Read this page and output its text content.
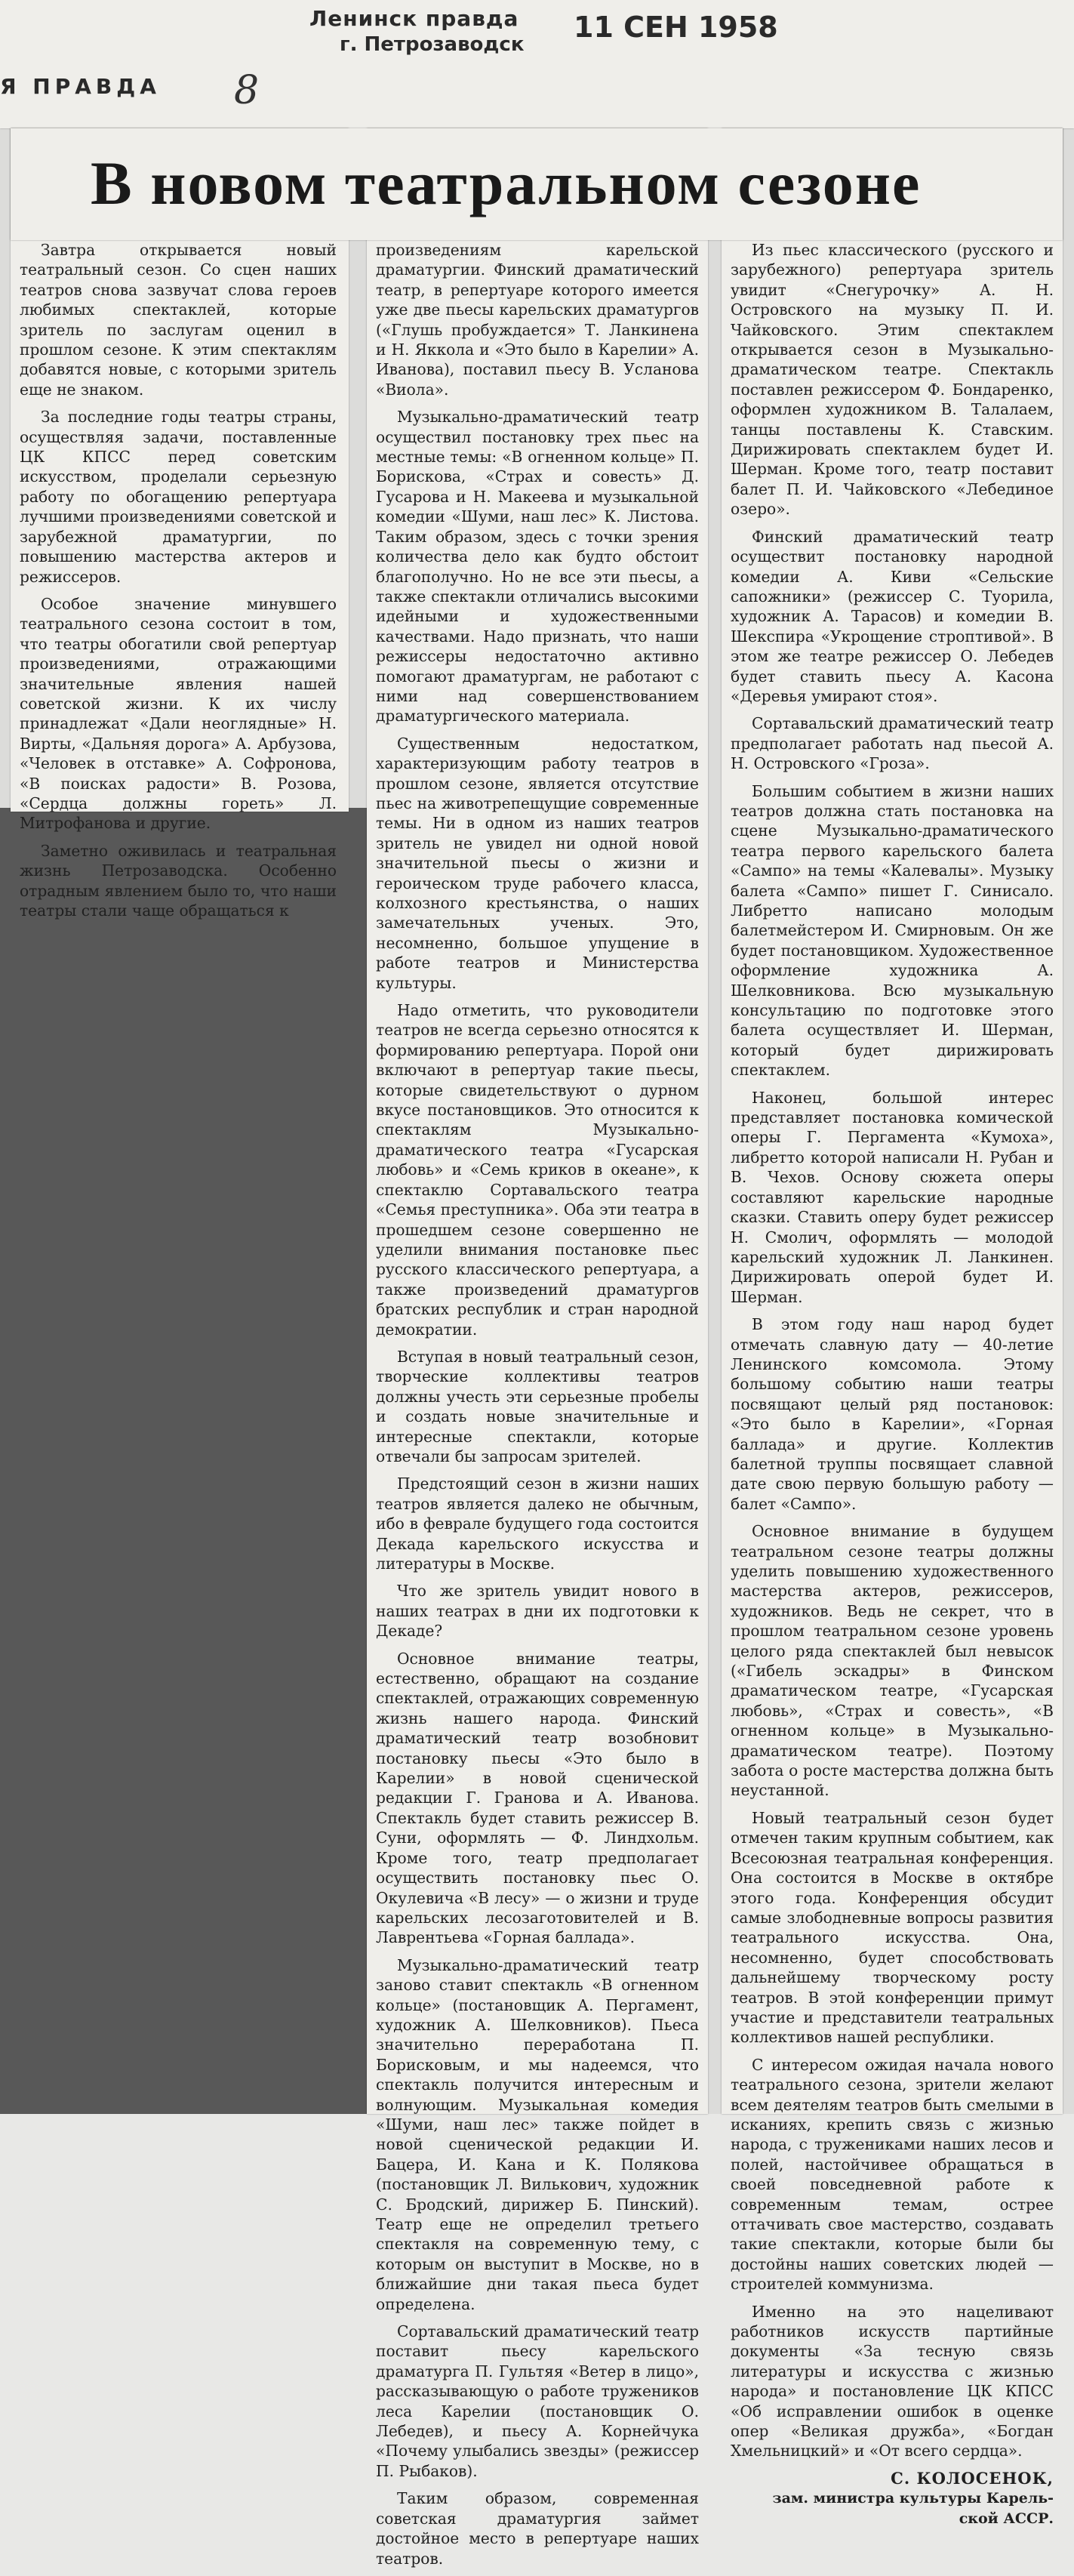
Ленинск правда
г. Петрозаводск
11 СЕН 1958
Я ПРАВДА 8
В новом театральном сезоне

Завтра открывается новый театральный сезон. Со сцен наших театров снова зазвучат слова героев любимых спектаклей, которые зритель по заслугам оценил в прошлом сезоне. К этим спектаклям добавятся новые, с которыми зритель еще не знаком.

За последние годы театры страны, осуществляя задачи, поставленные ЦК КПСС перед советским искусством, проделали серьезную работу по обогащению репертуара лучшими произведениями советской и зарубежной драматургии, по повышению мастерства актеров и режиссеров.

Особое значение минувшего театрального сезона состоит в том, что театры обогатили свой репертуар произведениями, отражающими значительные явления нашей советской жизни. К их числу принадлежат «Дали неоглядные» Н. Вирты, «Дальняя дорога» А. Арбузова, «Человек в отставке» А. Софронова, «В поисках радости» В. Розова, «Сердца должны гореть» Л. Митрофанова и другие.

Заметно оживилась и театральная жизнь Петрозаводска. Особенно отрадным явлением было то, что наши театры стали чаще обращаться к

произведениям карельской драматургии. Финский драматический театр, в репертуаре которого имеется уже две пьесы карельских драматургов («Глушь пробуждается» Т. Ланкинена и Н. Яккола и «Это было в Карелии» А. Иванова), поставил пьесу В. Усланова «Виола».

Музыкально-драматический театр осуществил постановку трех пьес на местные темы: «В огненном кольце» П. Борисковa, «Страх и совесть» Д. Гусарова и Н. Макеева и музыкальной комедии «Шуми, наш лес» К. Листова. Таким образом, здесь с точки зрения количества дело как будто обстоит благополучно. Но не все эти пьесы, а также спектакли отличались высокими идейными и художественными качествами. Надо признать, что наши режиссеры недостаточно активно помогают драматургам, не работают с ними над совершенствованием драматургического материала.

Существенным недостатком, характеризующим работу театров в прошлом сезоне, является отсутствие пьес на животрепещущие современные темы. Ни в одном из наших театров зритель не увидел ни одной новой значительной пьесы о жизни и героическом труде рабочего класса, колхозного крестьянства, о наших замечательных ученых. Это, несомненно, большое упущение в работе театров и Министерства культуры.

Надо отметить, что руководители театров не всегда серьезно относятся к формированию репертуара. Порой они включают в репертуар такие пьесы, которые свидетельствуют о дурном вкусе постановщиков. Это относится к спектаклям Музыкально-драматического театра «Гусарская любовь» и «Семь криков в океане», к спектаклю Сортавальского театра «Семья преступника». Оба эти театра в прошедшем сезоне совершенно не уделили внимания постановке пьес русского классического репертуара, а также произведений драматургов братских республик и стран народной демократии.

Вступая в новый театральный сезон, творческие коллективы театров должны учесть эти серьезные пробелы и создать новые значительные и интересные спектакли, которые отвечали бы запросам зрителей.

Предстоящий сезон в жизни наших театров является далеко не обычным, ибо в феврале будущего года состоится Декада карельского искусства и литературы в Москве.

Что же зритель увидит нового в наших театрах в дни их подготовки к Декаде?

Основное внимание театры, естественно, обращают на создание спектаклей, отражающих современную жизнь нашего народа. Финский драматический театр возобновит постановку пьесы «Это было в Карелии» в новой сценической редакции Г. Гранова и А. Иванова. Спектакль будет ставить режиссер В. Суни, оформлять — Ф. Линдхольм. Кроме того, театр предполагает осуществить постановку пьес О. Окулевича «В лесу» — о жизни и труде карельских лесозаготовителей и В. Лаврентьева «Горная баллада».

Музыкально-драматический театр заново ставит спектакль «В огненном кольце» (постановщик А. Пергамент, художник А. Шелковников). Пьеса значительно переработана П. Борисковым, и мы надеемся, что спектакль получится интересным и волнующим. Музыкальная комедия «Шуми, наш лес» также пойдет в новой сценической редакции И. Бацера, И. Кана и К. Полякова (постановщик Л. Вилькович, художник С. Бродский, дирижер Б. Пинский). Театр еще не определил третьего спектакля на современную тему, с которым он выступит в Москве, но в ближайшие дни такая пьеса будет определена.

Сортавальский драматический театр поставит пьесу карельского драматурга П. Гультяя «Ветер в лицо», рассказывающую о работе тружеников леса Карелии (постановщик О. Лебедев), и пьесу А. Корнейчука «Почему улыбались звезды» (режиссер П. Рыбаков).

Таким образом, современная советская драматургия займет достойное место в репертуаре наших театров.

Из пьес классического (русского и зарубежного) репертуара зритель увидит «Снегурочку» А. Н. Островского на музыку П. И. Чайковского. Этим спектаклем открывается сезон в Музыкально-драматическом театре. Спектакль поставлен режиссером Ф. Бондаренко, оформлен художником В. Талалаем, танцы поставлены К. Ставским. Дирижировать спектаклем будет И. Шерман. Кроме того, театр поставит балет П. И. Чайковского «Лебединое озеро».

Финский драматический театр осуществит постановку народной комедии А. Киви «Сельские сапожники» (режиссер С. Туорила, художник А. Тарасов) и комедии В. Шекспира «Укрощение строптивой». В этом же театре режиссер О. Лебедев будет ставить пьесу А. Касона «Деревья умирают стоя».

Сортавальский драматический театр предполагает работать над пьесой А. Н. Островского «Гроза».

Большим событием в жизни наших театров должна стать постановка на сцене Музыкально-драматического театра первого карельского балета «Сампо» на темы «Калевалы». Музыку балета «Сампо» пишет Г. Синисало. Либретто написано молодым балетмейстером И. Смирновым. Он же будет постановщиком. Художественное оформление художника А. Шелковникова. Всю музыкальную консультацию по подготовке этого балета осуществляет И. Шерман, который будет дирижировать спектаклем.

Наконец, большой интерес представляет постановка комической оперы Г. Пергамента «Кумоха», либретто которой написали Н. Рубан и В. Чехов. Основу сюжета оперы составляют карельские народные сказки. Ставить оперу будет режиссер Н. Смолич, оформлять — молодой карельский художник Л. Ланкинен. Дирижировать оперой будет И. Шерман.

В этом году наш народ будет отмечать славную дату — 40-летие Ленинского комсомола. Этому большому событию наши театры посвящают целый ряд постановок: «Это было в Карелии», «Горная баллада» и другие. Коллектив балетной труппы посвящает славной дате свою первую большую работу — балет «Сампо».

Основное внимание в будущем театральном сезоне театры должны уделить повышению художественного мастерства актеров, режиссеров, художников. Ведь не секрет, что в прошлом театральном сезоне уровень целого ряда спектаклей был невысок («Гибель эскадры» в Финском драматическом театре, «Гусарская любовь», «Страх и совесть», «В огненном кольце» в Музыкально-драматическом театре). Поэтому забота о росте мастерства должна быть неустанной.

Новый театральный сезон будет отмечен таким крупным событием, как Всесоюзная театральная конференция. Она состоится в Москве в октябре этого года. Конференция обсудит самые злободневные вопросы развития театрального искусства. Она, несомненно, будет способствовать дальнейшему творческому росту театров. В этой конференции примут участие и представители театральных коллективов нашей республики.

С интересом ожидая начала нового театрального сезона, зрители желают всем деятелям театров быть смелыми в исканиях, крепить связь с жизнью народа, с тружениками наших лесов и полей, настойчивее обращаться в своей повседневной работе к современным темам, острее оттачивать свое мастерство, создавать такие спектакли, которые были бы достойны наших советских людей — строителей коммунизма.

Именно на это нацеливают работников искусств партийные документы «За тесную связь литературы и искусства с жизнью народа» и постановление ЦК КПСС «Об исправлении ошибок в оценке опер «Великая дружба», «Богдан Хмельницкий» и «От всего сердца».

С. КОЛОСЕНОК,
зам. министра культуры Карель-
ской АССР.
